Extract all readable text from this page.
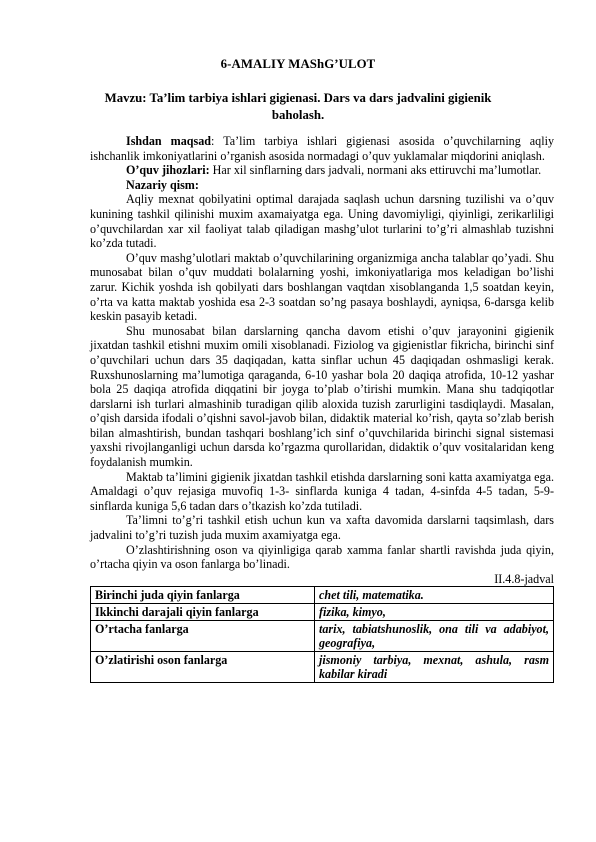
6-AMALIY MAShG’ULOT
Mavzu: Ta’lim tarbiya ishlari gigienasi. Dars va dars jadvalini gigienik baholash.

Ishdan maqsad: Ta’lim tarbiya ishlari gigienasi asosida o’quvchilarning aqliy ishchanlik imkoniyatlarini o’rganish asosida normadagi o’quv yuklamalar miqdorini aniqlash.

O’quv jihozlari: Har xil sinflarning dars jadvali, normani aks ettiruvchi ma’lumotlar.

Nazariy qism:

Aqliy mexnat qobilyatini optimal darajada saqlash uchun darsning tuzilishi va o’quv kunining tashkil qilinishi muxim axamaiyatga ega. Uning davomiyligi, qiyinligi, zerikarliligi o’quvchilardan xar xil faoliyat talab qiladigan mashg’ulot turlarini to’g’ri almashlab tuzishni ko’zda tutadi.

O’quv mashg’ulotlari maktab o’quvchilarining organizmiga ancha talablar qo’yadi. Shu munosabat bilan o’quv muddati bolalarning yoshi, imkoniyatlariga mos keladigan bo’lishi zarur. Kichik yoshda ish qobilyati dars boshlangan vaqtdan xisoblanganda 1,5 soatdan keyin, o’rta va katta maktab yoshida esa 2-3 soatdan so’ng pasaya boshlaydi, ayniqsa, 6-darsga kelib keskin pasayib ketadi.

Shu munosabat bilan darslarning qancha davom etishi o’quv jarayonini gigienik jixatdan tashkil etishni muxim omili xisoblanadi. Fiziolog va gigienistlar fikricha, birinchi sinf o’quvchilari uchun dars 35 daqiqadan, katta sinflar uchun 45 daqiqadan oshmasligi kerak. Ruxshunoslarning ma’lumotiga qaraganda, 6-10 yashar bola 20 daqiqa atrofida, 10-12 yashar bola 25 daqiqa atrofida diqqatini bir joyga to’plab o’tirishi mumkin. Mana shu tadqiqotlar darslarni ish turlari almashinib turadigan qilib aloxida tuzish zarurligini tasdiqlaydi. Masalan, o’qish darsida ifodali o’qishni savol-javob bilan, didaktik material ko’rish, qayta so’zlab berish bilan almashtirish, bundan tashqari boshlang’ich sinf o’quvchilarida birinchi signal sistemasi yaxshi rivojlanganligi uchun darsda ko’rgazma qurollaridan, didaktik o’quv vositalaridan keng foydalanish mumkin.

Maktab ta’limini gigienik jixatdan tashkil etishda darslarning soni katta axamiyatga ega. Amaldagi o’quv rejasiga muvofiq 1-3- sinflarda kuniga 4 tadan, 4-sinfda 4-5 tadan, 5-9-sinflarda kuniga 5,6 tadan dars o’tkazish ko’zda tutiladi.

Ta’limni to’g’ri tashkil etish uchun kun va xafta davomida darslarni taqsimlash, dars jadvalini to’g’ri tuzish juda muxim axamiyatga ega.

O’zlashtirishning oson va qiyinligiga qarab xamma fanlar shartli ravishda juda qiyin, o’rtacha qiyin va oson fanlarga bo’linadi.

II.4.8-jadval

Birinchi juda qiyin fanlarga	chet tili, matematika.
Ikkinchi darajali qiyin fanlarga	fizika, kimyo,
O’rtacha fanlarga	tarix, tabiatshunoslik, ona tili va adabiyot, geografiya,
O’zlatirishi oson fanlarga	jismoniy tarbiya, mexnat, ashula, rasm kabilar kiradi
